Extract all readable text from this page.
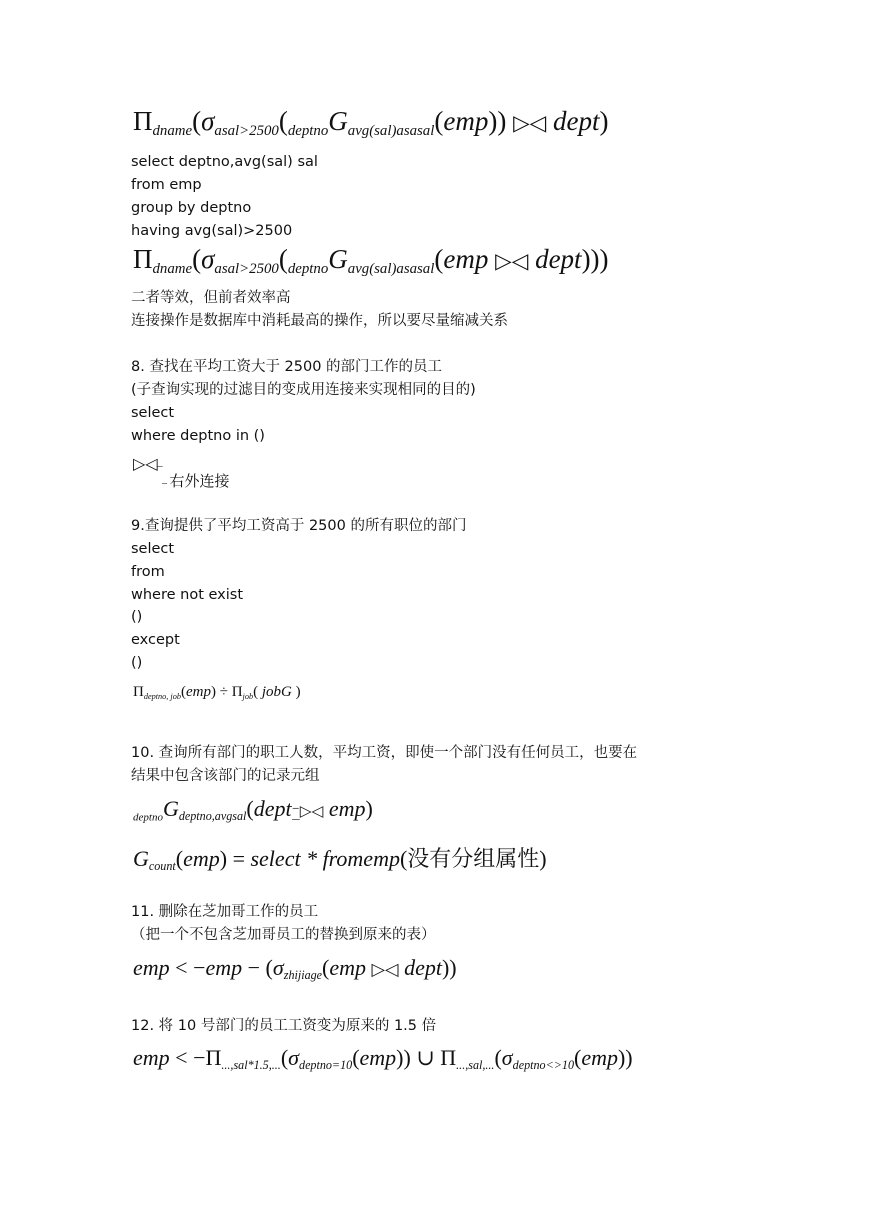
$\Pi_{dname}(\sigma_{asal>2500}(_{deptno}G_{avg(sal)asasal}(emp))$ ▷◁ dept)
select deptno,avg(sal) sal
from emp
group by deptno
having avg(sal)>2500
$\Pi_{dname}(\sigma_{asal>2500}(_{deptno}G_{avg(sal)asasal}(emp$ ▷◁ dept)))
二者等效，但前者效率高
连接操作是数据库中消耗最高的操作，所以要尽量缩减关系
8. 查找在平均工资大于 2500 的部门工作的员工
(子查询实现的过滤目的变成用连接来实现相同的目的)
select
where deptno in ()
▷◁–
– 右外连接
9.查询提供了平均工资高于 2500 的所有职位的部门
select
from
where not exist
()
except
()
$\Pi_{deptno, job}(emp) \div \Pi_{job}$( jobG )
10. 查询所有部门的职工人数，平均工资，即使一个部门没有任何员工，也要在
结果中包含该部门的记录元组
$_{deptno}G_{deptno,avgsal}(dept^-̲▷◁$ emp)
$G_{count}(emp)$ = select * fromemp(没有分组属性)
11. 删除在芝加哥工作的员工
（把一个不包含芝加哥员工的替换到原来的表）
emp < $-emp - (\sigma_{zhijiage}(emp$ ▷◁ dept))
12. 将 10 号部门的员工工资变为原来的 1.5 倍
emp < $-\Pi_{...,sal*1.5,...}(\sigma_{deptno=10}(emp))$ ∪ $\Pi_{...,sal,...}(\sigma_{deptno<>10}(emp))$
